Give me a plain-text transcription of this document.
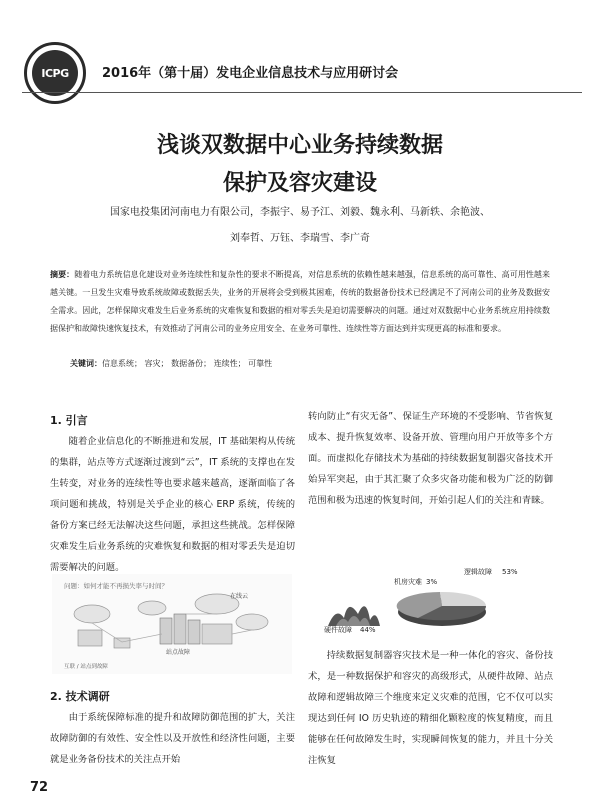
ICPG	2016年（第十届）发电企业信息技术与应用研讨会
浅谈双数据中心业务持续数据
保护及容灾建设
国家电投集团河南电力有限公司，李振宇、易予江、刘毅、魏永利、马新轶、余艳波、
刘奉哲、万钰、李瑞雪、李广奇
摘要：随着电力系统信息化建设对业务连续性和复杂性的要求不断提高，对信息系统的依赖性越来越强，信息系统的高可靠性、高可用性越来越关键。一旦发生灾难导致系统故障或数据丢失，业务的开展将会受到极其困难，传统的数据备份技术已经满足不了河南公司的业务及数据安全需求。因此，怎样保障灾难发生后业务系统的灾难恢复和数据的相对零丢失是迫切需要解决的问题。通过对双数据中心业务系统应用持续数据保护和故障快速恢复技术，有效推动了河南公司的业务应用安全、在业务可靠性、连续性等方面达到并实现更高的标准和要求。
关键词：信息系统； 容灾； 数据备份； 连续性； 可靠性
1. 引言
随着企业信息化的不断推进和发展，IT 基础架构从传统的集群，站点等方式逐渐过渡到“云”，IT 系统的支撑也在发生转变，对业务的连续性等也要求越来越高，逐渐面临了各项问题和挑战，特别是关乎企业的核心 ERP 系统，传统的备份方案已经无法解决这些问题，承担这些挑战。怎样保障灾难发生后业务系统的灾难恢复和数据的相对零丢失是迫切需要解决的问题。
问题：如何才能不再损失率与时间？
站点故障
在线云
互联 / 站点到故障
2. 技术调研
由于系统保障标准的提升和故障防御范围的扩大，关注故障防御的有效性、安全性以及开放性和经济性问题，主要就是业务备份技术的关注点开始
转向防止“有灾无备”、保证生产环境的不受影响、节省恢复成本、提升恢复效率、设备开放、管理向用户开放等多个方面。而虚拟化存储技术为基础的持续数据复制器灾备技术开始异军突起，由于其汇聚了众多灾备功能和极为广泛的防御范围和极为迅速的恢复时间，开始引起人们的关注和青睐。
机房灾难 3%
逻辑故障 53%
硬件故障 44%
持续数据复制器容灾技术是一种一体化的容灾、备份技术，是一种数据保护和容灾的高级形式，从硬件故障、站点故障和逻辑故障三个维度来定义灾难的范围，它不仅可以实现达到任何 IO 历史轨迹的精细化颗粒度的恢复精度，而且能够在任何故障发生时，实现瞬间恢复的能力，并且十分关注恢复
72
